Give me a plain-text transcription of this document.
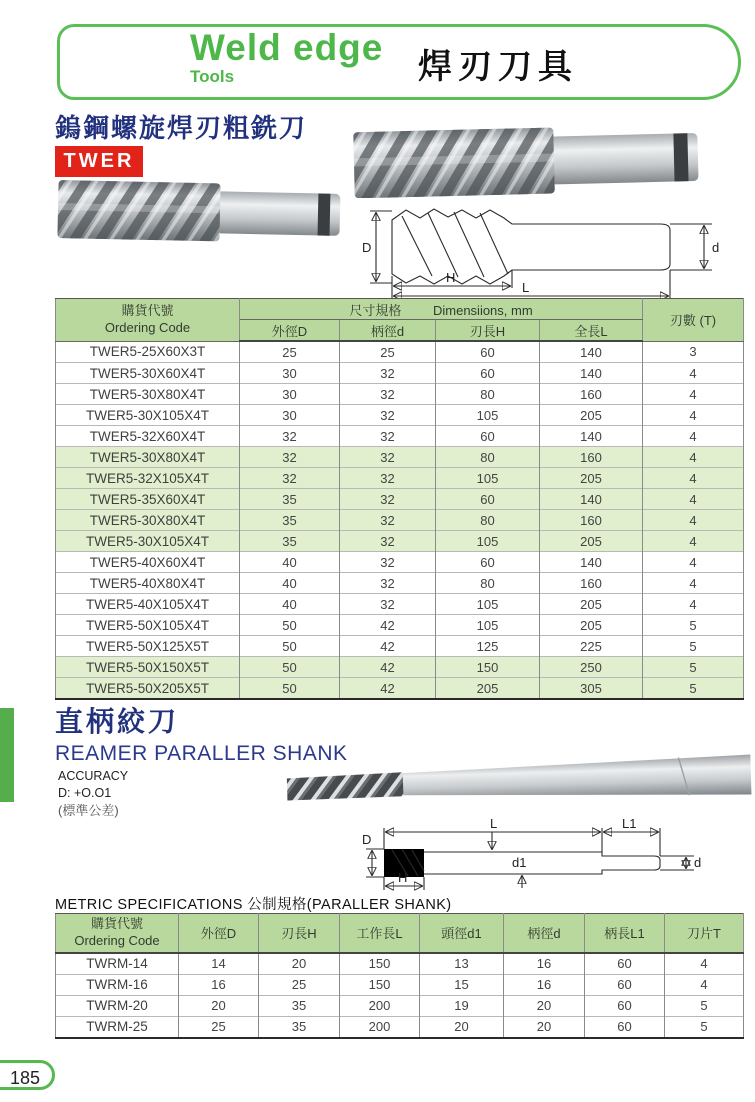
Weld edge
Tools	焊刃刀具
鎢鋼螺旋焊刃粗銑刀
TWER
D	d
H
L
購貨代號
Ordering Code	尺寸規格 Dimensiions, mm				刃數 (T)
	外徑D	柄徑d	刃長H	全長L	
TWER5-25X60X3T	25	25	60	140	3
TWER5-30X60X4T	30	32	60	140	4
TWER5-30X80X4T	30	32	80	160	4
TWER5-30X105X4T	30	32	105	205	4
TWER5-32X60X4T	32	32	60	140	4
TWER5-30X80X4T	32	32	80	160	4
TWER5-32X105X4T	32	32	105	205	4
TWER5-35X60X4T	35	32	60	140	4
TWER5-30X80X4T	35	32	80	160	4
TWER5-30X105X4T	35	32	105	205	4
TWER5-40X60X4T	40	32	60	140	4
TWER5-40X80X4T	40	32	80	160	4
TWER5-40X105X4T	40	32	105	205	4
TWER5-50X105X4T	50	42	105	205	5
TWER5-50X125X5T	50	42	125	225	5
TWER5-50X150X5T	50	42	150	250	5
TWER5-50X205X5T	50	42	205	305	5
直柄絞刀
REAMER PARALLER SHANK
ACCURACY
D: +O.O1
(標準公差)
L	L1
D
d1	d
H
METRIC SPECIFICATIONS 公制規格(PARALLER SHANK)
購貨代號
Ordering Code	外徑D	刃長H	工作長L	頭徑d1	柄徑d	柄長L1	刀片T
TWRM-14	14	20	150	13	16	60	4
TWRM-16	16	25	150	15	16	60	4
TWRM-20	20	35	200	19	20	60	5
TWRM-25	25	35	200	20	20	60	5
185
